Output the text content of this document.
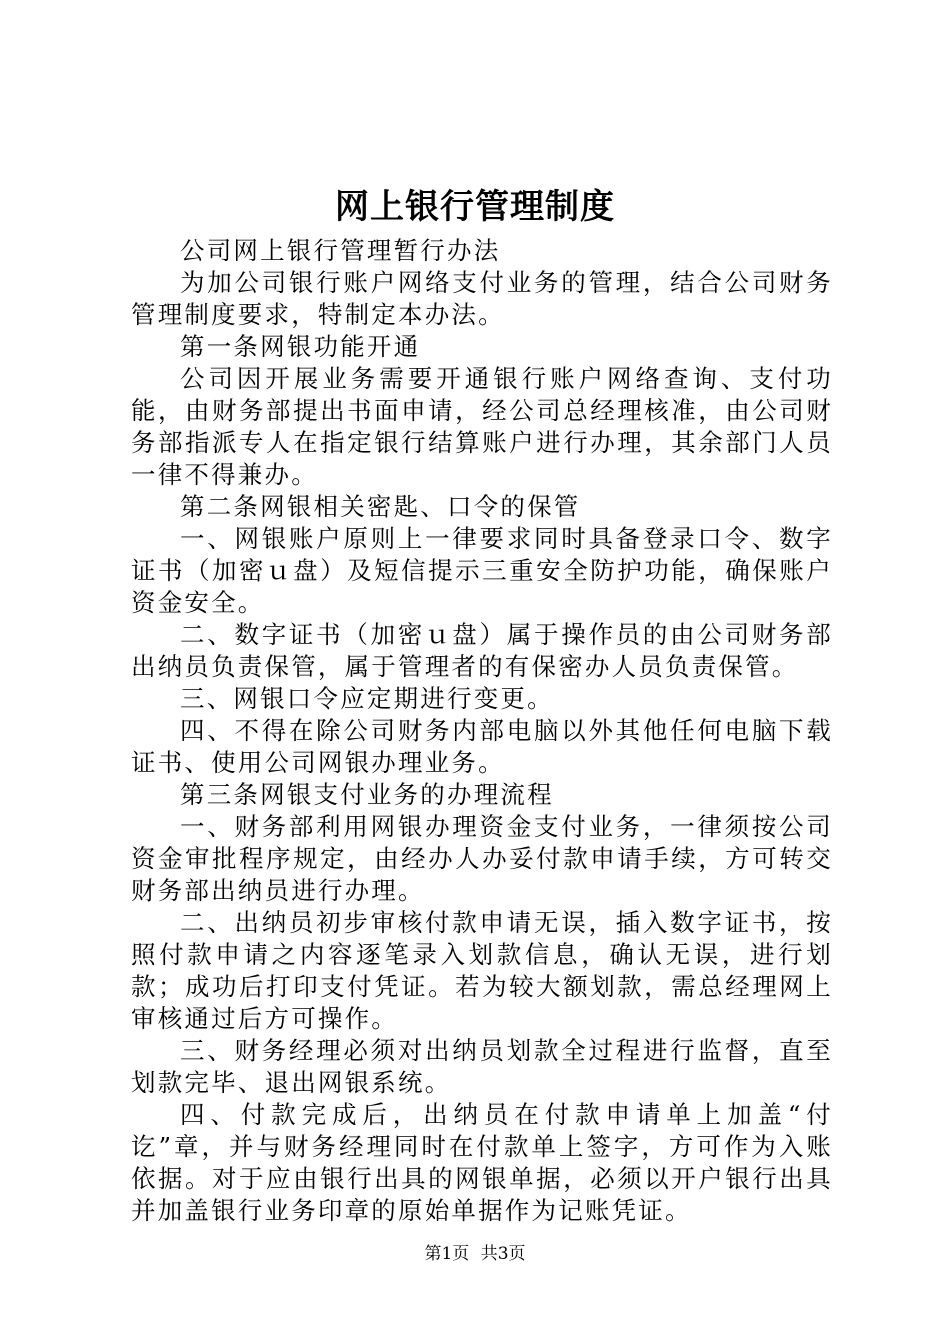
网上银行管理制度

公司网上银行管理暂行办法

为加公司银行账户网络支付业务的管理，结合公司财务管理制度要求，特制定本办法。

第一条网银功能开通

公司因开展业务需要开通银行账户网络查询、支付功能，由财务部提出书面申请，经公司总经理核准，由公司财务部指派专人在指定银行结算账户进行办理，其余部门人员一律不得兼办。

第二条网银相关密匙、口令的保管

一、网银账户原则上一律要求同时具备登录口令、数字证书（加密ｕ盘）及短信提示三重安全防护功能，确保账户资金安全。

二、数字证书（加密ｕ盘）属于操作员的由公司财务部出纳员负责保管，属于管理者的有保密办人员负责保管。

三、网银口令应定期进行变更。

四、不得在除公司财务内部电脑以外其他任何电脑下载证书、使用公司网银办理业务。

第三条网银支付业务的办理流程

一、财务部利用网银办理资金支付业务，一律须按公司资金审批程序规定，由经办人办妥付款申请手续，方可转交财务部出纳员进行办理。

二、出纳员初步审核付款申请无误，插入数字证书，按照付款申请之内容逐笔录入划款信息，确认无误，进行划款；成功后打印支付凭证。若为较大额划款，需总经理网上审核通过后方可操作。

三、财务经理必须对出纳员划款全过程进行监督，直至划款完毕、退出网银系统。

四、付款完成后，出纳员在付款申请单上加盖“付讫”章，并与财务经理同时在付款单上签字，方可作为入账依据。对于应由银行出具的网银单据，必须以开户银行出具并加盖银行业务印章的原始单据作为记账凭证。

第1页 共3页
